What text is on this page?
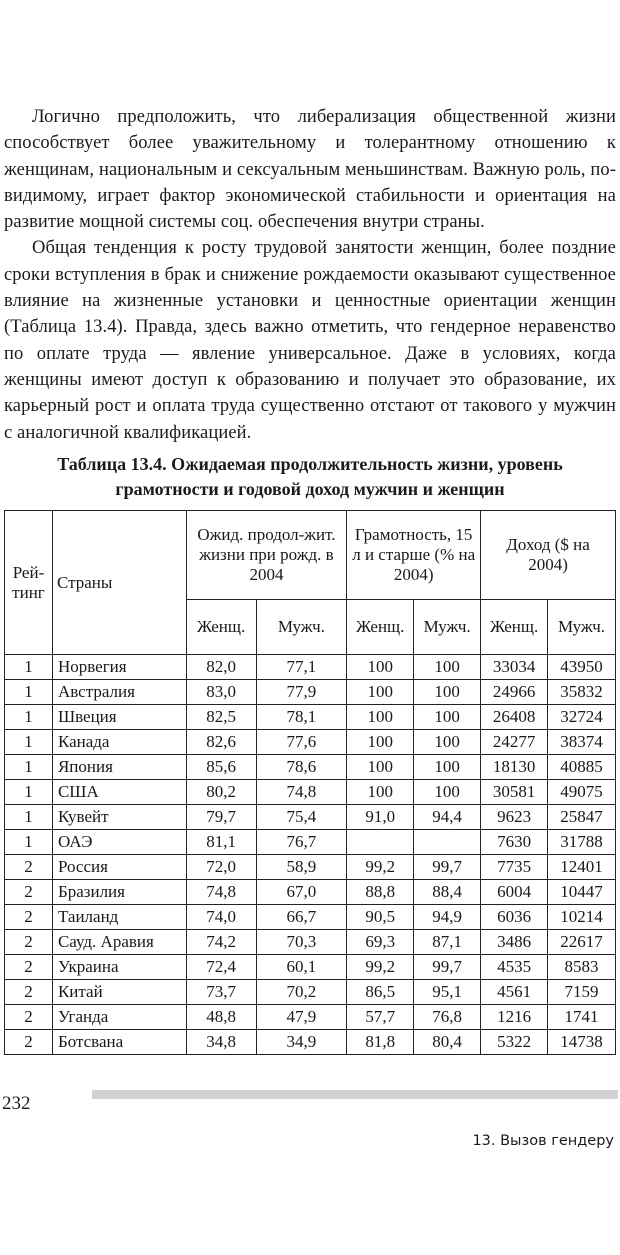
Логично предположить, что либерализация общественной жизни способствует более уважительному и толерантному отношению к женщинам, национальным и сексуальным меньшинствам. Важную роль, по-видимому, играет фактор экономической стабильности и ориентация на развитие мощной системы соц. обеспечения внутри страны.

Общая тенденция к росту трудовой занятости женщин, более поздние сроки вступления в брак и снижение рождаемости оказывают существенное влияние на жизненные установки и ценностные ориентации женщин (Таблица 13.4). Правда, здесь важно отметить, что гендерное неравенство по оплате труда — явление универсальное. Даже в условиях, когда женщины имеют доступ к образованию и получает это образование, их карьерный рост и оплата труда существенно отстают от такового у мужчин с аналогичной квалификацией.

Таблица 13.4. Ожидаемая продолжительность жизни, уровень
грамотности и годовой доход мужчин и женщин
Рей-тинг	Страны	Ожид. продол-жит. жизни при рожд. в 2004		Грамотность, 15 л и старше (% на 2004)		Доход ($ на 2004)	
		Женщ.	Мужч.	Женщ.	Мужч.	Женщ.	Мужч.
1	Норвегия	82,0	77,1	100	100	33034	43950
1	Австралия	83,0	77,9	100	100	24966	35832
1	Швеция	82,5	78,1	100	100	26408	32724
1	Канада	82,6	77,6	100	100	24277	38374
1	Япония	85,6	78,6	100	100	18130	40885
1	США	80,2	74,8	100	100	30581	49075
1	Кувейт	79,7	75,4	91,0	94,4	9623	25847
1	ОАЭ	81,1	76,7			7630	31788
2	Россия	72,0	58,9	99,2	99,7	7735	12401
2	Бразилия	74,8	67,0	88,8	88,4	6004	10447
2	Таиланд	74,0	66,7	90,5	94,9	6036	10214
2	Сауд. Аравия	74,2	70,3	69,3	87,1	3486	22617
2	Украина	72,4	60,1	99,2	99,7	4535	8583
2	Китай	73,7	70,2	86,5	95,1	4561	7159
2	Уганда	48,8	47,9	57,7	76,8	1216	1741
2	Ботсвана	34,8	34,9	81,8	80,4	5322	14738
232
13. Вызов гендеру
